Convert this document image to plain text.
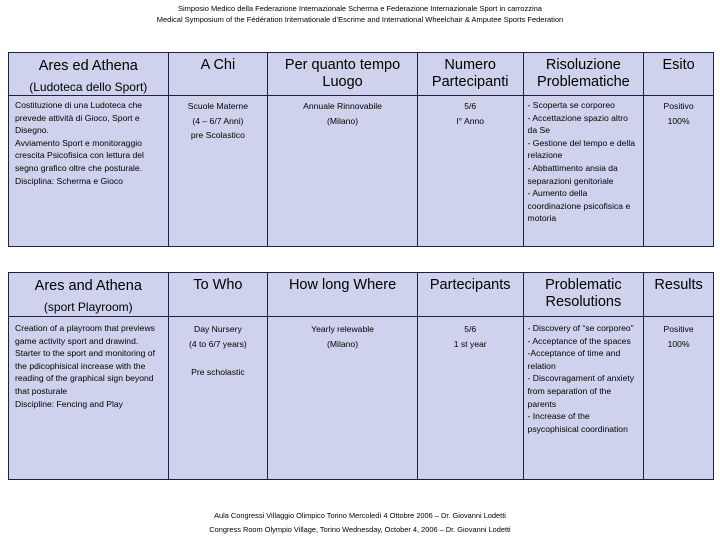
Simposio Medico della Federazione Internazionale Scherma e Federazione Internazionale Sport in carrozzina
Medical Symposium of the Fédération Internationale d’Escrime and International Wheelchair & Amputee Sports Federation
Ares ed Athena
(Ludoteca dello Sport)

Costituzione di una Ludoteca che prevede attività di Gioco, Sport e Disegno.

Avviamento Sport e monitoraggio crescita Psicofisica con lettura del segno grafico oltre che posturale.

Disciplina: Scherma e Gioco

A Chi

Scuole Materne

(4 – 6/7 Anni)

pre Scolastico

Per quanto tempo Luogo

Annuale Rinnovabile

(Milano)

Numero Partecipanti

5/6

I° Anno

Risoluzione Problematiche

- Scoperta se corporeo

- Accettazione spazio altro da Se

- Gestione del tempo e della relazione

- Abbattimento ansia da separazioni genitoriale

- Aumento della coordinazione psicofisica e motoria

Esito

Positivo

100%

Ares and Athena
(sport Playroom)

Creation of a playroom that previews game activity sport and drawind.

Starter to the sport and monitoring of the pdicophisical increase with the reading of the graphical sign beyond that posturale

Discipline: Fencing and Play

To Who

Day Nursery

(4 to 6/7 years)

Pre scholastic

How long Where

Yearly relewable

(Milano)

Partecipants

5/6

1 st year

Problematic Resolutions

- Discovery of “se corporeo”

- Acceptance of the spaces

-Acceptance of time and relation

- Discovragament of anxiety from separation of the parents

- Increase of the psycophisical coordination

Results

Positive

100%

Aula Congressi Villaggio Olimpico Torino Mercoledì 4 Ottobre 2006 – Dr. Giovanni Lodetti
Congress Room Olympio Village, Torino Wednesday, October 4, 2006 – Dr. Giovanni Lodetti
